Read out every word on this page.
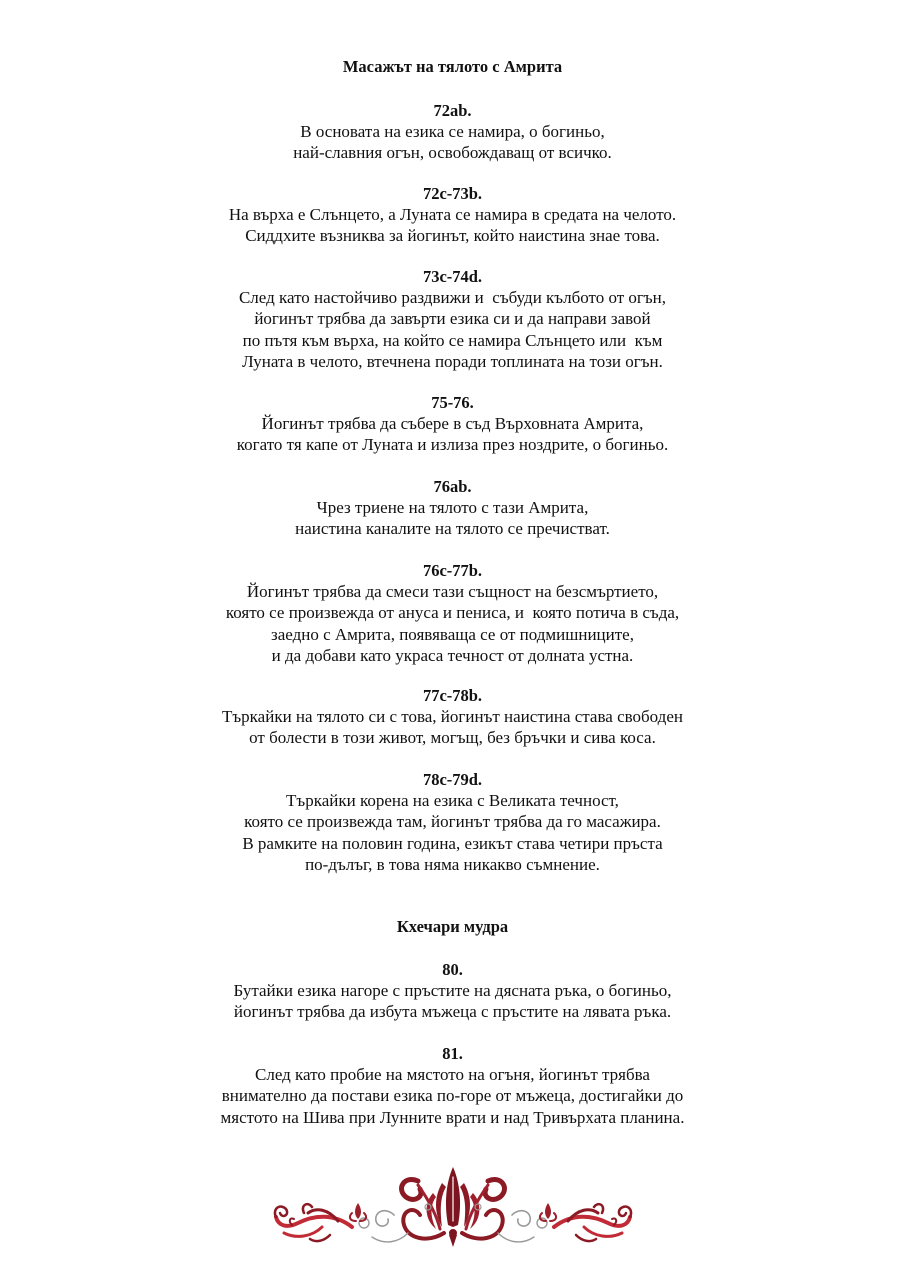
Масажът на тялото с Амрита

72ab.

В основата на езика се намира, о богиньо,
най-славния огън, освобождаващ от всичко.

72c-73b.

На върха е Слънцето, а Луната се намира в средата на челото.
Сиддхите възниква за йогинът, който наистина знае това.

73c-74d.

След като настойчиво раздвижи и  събуди кълбото от огън,
йогинът трябва да завърти езика си и да направи завой
по пътя към върха, на който се намира Слънцето или  към
Луната в челото, втечнена поради топлината на този огън.

75-76.

Йогинът трябва да събере в съд Върховната Амрита,
когато тя капе от Луната и излиза през ноздрите, о богиньо.

76ab.

Чрез триене на тялото с тази Амрита,
наистина каналите на тялото се пречистват.

76c-77b.

Йогинът трябва да смеси тази същност на безсмъртието,
която се произвежда от ануса и пениса, и  която потича в съда,
заедно с Амрита, появяваща се от подмишниците,
и да добави като украса течност от долната устна.

77c-78b.

Търкайки на тялото си с това, йогинът наистина става свободен
от болести в този живот, могъщ, без бръчки и сива коса.

78c-79d.

Търкайки корена на езика с Великата течност,
която се произвежда там, йогинът трябва да го масажира.
В рамките на половин година, езикът става четири пръста
по-дълъг, в това няма никакво съмнение.
Кхечари мудра

80.

Бутайки езика нагоре с пръстите на дясната ръка, о богиньо,
йогинът трябва да избута мъжеца с пръстите на лявата ръка.

81.

След като пробие на мястото на огъня, йогинът трябва
внимателно да постави езика по-горе от мъжеца, достигайки до
мястото на Шива при Лунните врати и над Тривърхата планина.
